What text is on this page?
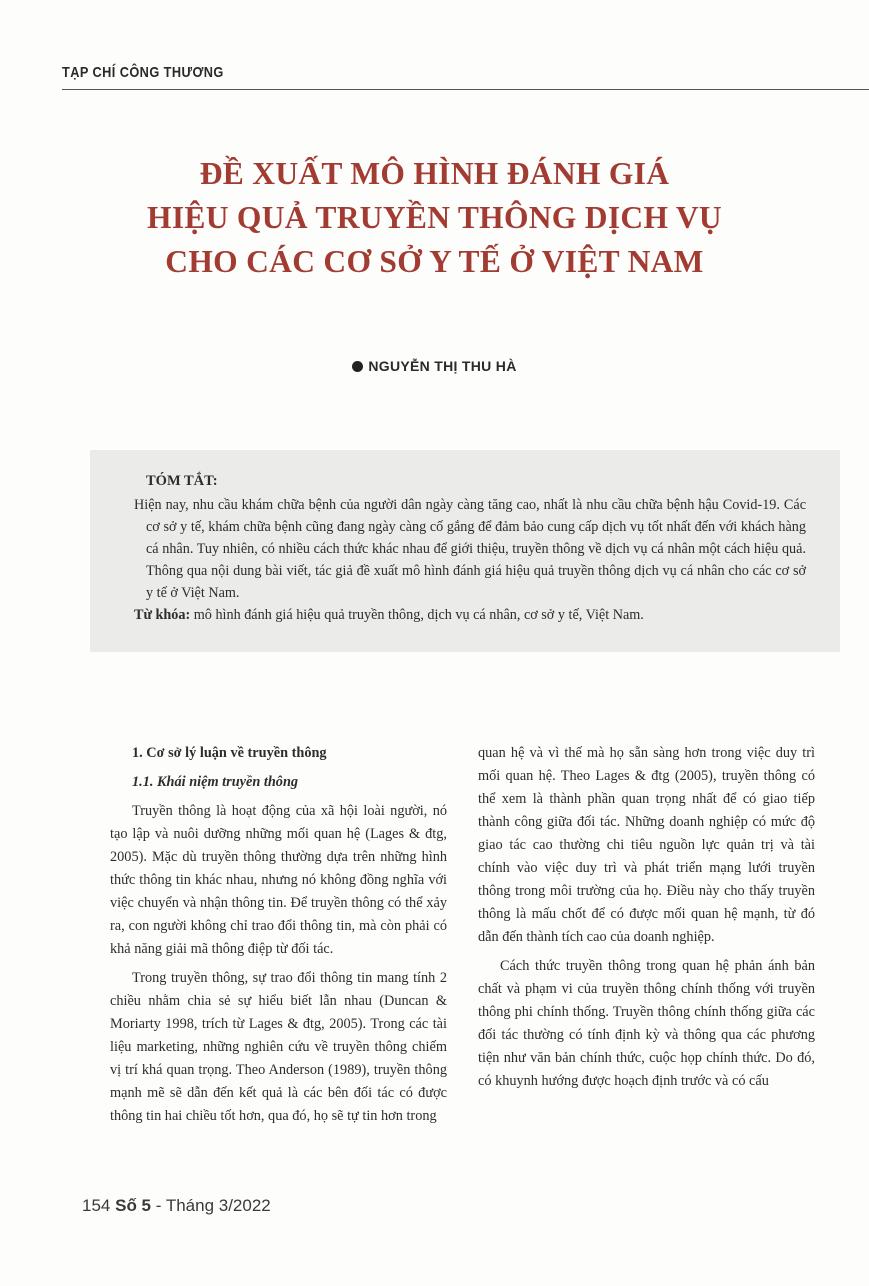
TẠP CHÍ CÔNG THƯƠNG
ĐỀ XUẤT MÔ HÌNH ĐÁNH GIÁ
HIỆU QUẢ TRUYỀN THÔNG DỊCH VỤ
CHO CÁC CƠ SỞ Y TẾ Ở VIỆT NAM
NGUYỄN THỊ THU HÀ
TÓM TẮT:

Hiện nay, nhu cầu khám chữa bệnh của người dân ngày càng tăng cao, nhất là nhu cầu chữa bệnh hậu Covid-19. Các cơ sở y tế, khám chữa bệnh cũng đang ngày càng cố gắng để đảm bảo cung cấp dịch vụ tốt nhất đến với khách hàng cá nhân. Tuy nhiên, có nhiều cách thức khác nhau để giới thiệu, truyền thông về dịch vụ cá nhân một cách hiệu quả. Thông qua nội dung bài viết, tác giả đề xuất mô hình đánh giá hiệu quả truyền thông dịch vụ cá nhân cho các cơ sở y tế ở Việt Nam.

Từ khóa: mô hình đánh giá hiệu quả truyền thông, dịch vụ cá nhân, cơ sở y tế, Việt Nam.

1. Cơ sở lý luận về truyền thông

1.1. Khái niệm truyền thông

Truyền thông là hoạt động của xã hội loài người, nó tạo lập và nuôi dưỡng những mối quan hệ (Lages & đtg, 2005). Mặc dù truyền thông thường dựa trên những hình thức thông tin khác nhau, nhưng nó không đồng nghĩa với việc chuyển và nhận thông tin. Để truyền thông có thể xảy ra, con người không chỉ trao đổi thông tin, mà còn phải có khả năng giải mã thông điệp từ đối tác.

Trong truyền thông, sự trao đổi thông tin mang tính 2 chiều nhằm chia sẻ sự hiểu biết lẫn nhau (Duncan & Moriarty 1998, trích từ Lages & đtg, 2005). Trong các tài liệu marketing, những nghiên cứu về truyền thông chiếm vị trí khá quan trọng. Theo Anderson (1989), truyền thông mạnh mẽ sẽ dẫn đến kết quả là các bên đối tác có được thông tin hai chiều tốt hơn, qua đó, họ sẽ tự tin hơn trong

quan hệ và vì thế mà họ sẵn sàng hơn trong việc duy trì mối quan hệ. Theo Lages & đtg (2005), truyền thông có thể xem là thành phần quan trọng nhất để có giao tiếp thành công giữa đối tác. Những doanh nghiệp có mức độ giao tác cao thường chi tiêu nguồn lực quản trị và tài chính vào việc duy trì và phát triển mạng lưới truyền thông trong môi trường của họ. Điều này cho thấy truyền thông là mấu chốt để có được mối quan hệ mạnh, từ đó dẫn đến thành tích cao của doanh nghiệp.

Cách thức truyền thông trong quan hệ phản ánh bản chất và phạm vi của truyền thông chính thống với truyền thông phi chính thống. Truyền thông chính thống giữa các đối tác thường có tính định kỳ và thông qua các phương tiện như văn bản chính thức, cuộc họp chính thức. Do đó, có khuynh hướng được hoạch định trước và có cấu

154 Số 5 - Tháng 3/2022
